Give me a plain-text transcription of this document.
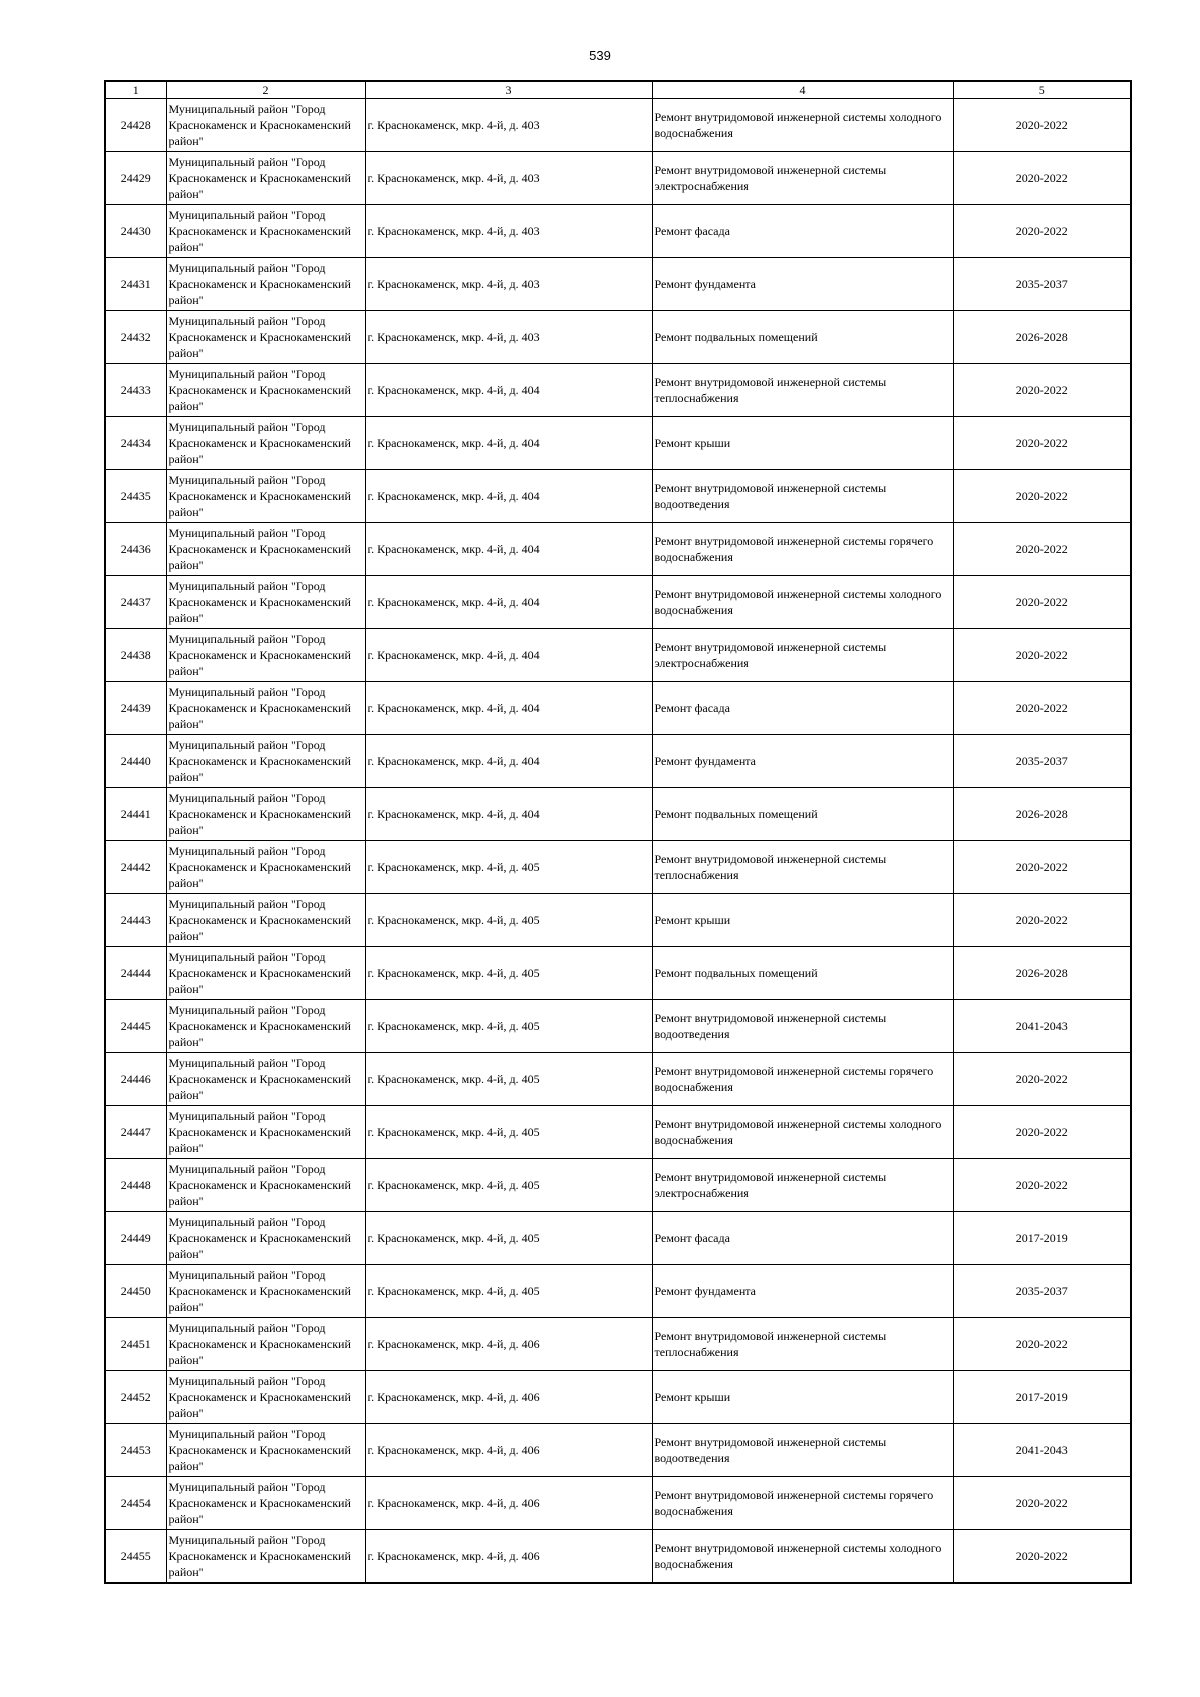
539
1	2	3	4	5
24428	Муниципальный район "Город Краснокаменск и Краснокаменский район"	г. Краснокаменск, мкр. 4-й, д. 403	Ремонт внутридомовой инженерной системы холодного водоснабжения	2020-2022
24429	Муниципальный район "Город Краснокаменск и Краснокаменский район"	г. Краснокаменск, мкр. 4-й, д. 403	Ремонт внутридомовой инженерной системы электроснабжения	2020-2022
24430	Муниципальный район "Город Краснокаменск и Краснокаменский район"	г. Краснокаменск, мкр. 4-й, д. 403	Ремонт фасада	2020-2022
24431	Муниципальный район "Город Краснокаменск и Краснокаменский район"	г. Краснокаменск, мкр. 4-й, д. 403	Ремонт фундамента	2035-2037
24432	Муниципальный район "Город Краснокаменск и Краснокаменский район"	г. Краснокаменск, мкр. 4-й, д. 403	Ремонт подвальных помещений	2026-2028
24433	Муниципальный район "Город Краснокаменск и Краснокаменский район"	г. Краснокаменск, мкр. 4-й, д. 404	Ремонт внутридомовой инженерной системы теплоснабжения	2020-2022
24434	Муниципальный район "Город Краснокаменск и Краснокаменский район"	г. Краснокаменск, мкр. 4-й, д. 404	Ремонт крыши	2020-2022
24435	Муниципальный район "Город Краснокаменск и Краснокаменский район"	г. Краснокаменск, мкр. 4-й, д. 404	Ремонт внутридомовой инженерной системы водоотведения	2020-2022
24436	Муниципальный район "Город Краснокаменск и Краснокаменский район"	г. Краснокаменск, мкр. 4-й, д. 404	Ремонт внутридомовой инженерной системы горячего водоснабжения	2020-2022
24437	Муниципальный район "Город Краснокаменск и Краснокаменский район"	г. Краснокаменск, мкр. 4-й, д. 404	Ремонт внутридомовой инженерной системы холодного водоснабжения	2020-2022
24438	Муниципальный район "Город Краснокаменск и Краснокаменский район"	г. Краснокаменск, мкр. 4-й, д. 404	Ремонт внутридомовой инженерной системы электроснабжения	2020-2022
24439	Муниципальный район "Город Краснокаменск и Краснокаменский район"	г. Краснокаменск, мкр. 4-й, д. 404	Ремонт фасада	2020-2022
24440	Муниципальный район "Город Краснокаменск и Краснокаменский район"	г. Краснокаменск, мкр. 4-й, д. 404	Ремонт фундамента	2035-2037
24441	Муниципальный район "Город Краснокаменск и Краснокаменский район"	г. Краснокаменск, мкр. 4-й, д. 404	Ремонт подвальных помещений	2026-2028
24442	Муниципальный район "Город Краснокаменск и Краснокаменский район"	г. Краснокаменск, мкр. 4-й, д. 405	Ремонт внутридомовой инженерной системы теплоснабжения	2020-2022
24443	Муниципальный район "Город Краснокаменск и Краснокаменский район"	г. Краснокаменск, мкр. 4-й, д. 405	Ремонт крыши	2020-2022
24444	Муниципальный район "Город Краснокаменск и Краснокаменский район"	г. Краснокаменск, мкр. 4-й, д. 405	Ремонт подвальных помещений	2026-2028
24445	Муниципальный район "Город Краснокаменск и Краснокаменский район"	г. Краснокаменск, мкр. 4-й, д. 405	Ремонт внутридомовой инженерной системы водоотведения	2041-2043
24446	Муниципальный район "Город Краснокаменск и Краснокаменский район"	г. Краснокаменск, мкр. 4-й, д. 405	Ремонт внутридомовой инженерной системы горячего водоснабжения	2020-2022
24447	Муниципальный район "Город Краснокаменск и Краснокаменский район"	г. Краснокаменск, мкр. 4-й, д. 405	Ремонт внутридомовой инженерной системы холодного водоснабжения	2020-2022
24448	Муниципальный район "Город Краснокаменск и Краснокаменский район"	г. Краснокаменск, мкр. 4-й, д. 405	Ремонт внутридомовой инженерной системы электроснабжения	2020-2022
24449	Муниципальный район "Город Краснокаменск и Краснокаменский район"	г. Краснокаменск, мкр. 4-й, д. 405	Ремонт фасада	2017-2019
24450	Муниципальный район "Город Краснокаменск и Краснокаменский район"	г. Краснокаменск, мкр. 4-й, д. 405	Ремонт фундамента	2035-2037
24451	Муниципальный район "Город Краснокаменск и Краснокаменский район"	г. Краснокаменск, мкр. 4-й, д. 406	Ремонт внутридомовой инженерной системы теплоснабжения	2020-2022
24452	Муниципальный район "Город Краснокаменск и Краснокаменский район"	г. Краснокаменск, мкр. 4-й, д. 406	Ремонт крыши	2017-2019
24453	Муниципальный район "Город Краснокаменск и Краснокаменский район"	г. Краснокаменск, мкр. 4-й, д. 406	Ремонт внутридомовой инженерной системы водоотведения	2041-2043
24454	Муниципальный район "Город Краснокаменск и Краснокаменский район"	г. Краснокаменск, мкр. 4-й, д. 406	Ремонт внутридомовой инженерной системы горячего водоснабжения	2020-2022
24455	Муниципальный район "Город Краснокаменск и Краснокаменский район"	г. Краснокаменск, мкр. 4-й, д. 406	Ремонт внутридомовой инженерной системы холодного водоснабжения	2020-2022
